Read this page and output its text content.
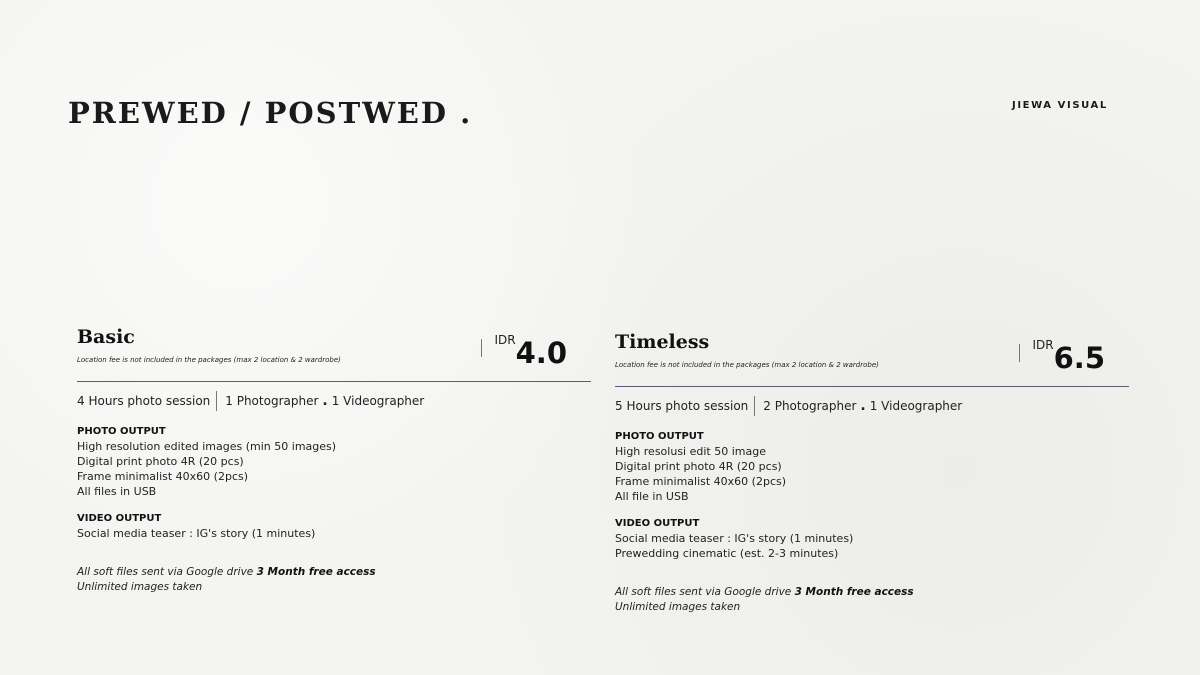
PREWED / POSTWED .	JIEWA VISUAL
Basic
Location fee is not included in the packages (max 2 location & 2 wardrobe)
IDR 4.0
4 Hours photo session 1 Photographer . 1 Videographer
PHOTO OUTPUT
High resolution edited images (min 50 images)
Digital print photo 4R (20 pcs)
Frame minimalist 40x60 (2pcs)
All files in USB
VIDEO OUTPUT
Social media teaser : IG's story (1 minutes)
All soft files sent via Google drive 3 Month free access
Unlimited images taken
Timeless
Location fee is not included in the packages (max 2 location & 2 wardrobe)
IDR 6.5
5 Hours photo session 2 Photographer . 1 Videographer
PHOTO OUTPUT
High resolusi edit 50 image
Digital print photo 4R (20 pcs)
Frame minimalist 40x60 (2pcs)
All file in USB
VIDEO OUTPUT
Social media teaser : IG's story (1 minutes)
Prewedding cinematic (est. 2-3 minutes)
All soft files sent via Google drive 3 Month free access
Unlimited images taken
